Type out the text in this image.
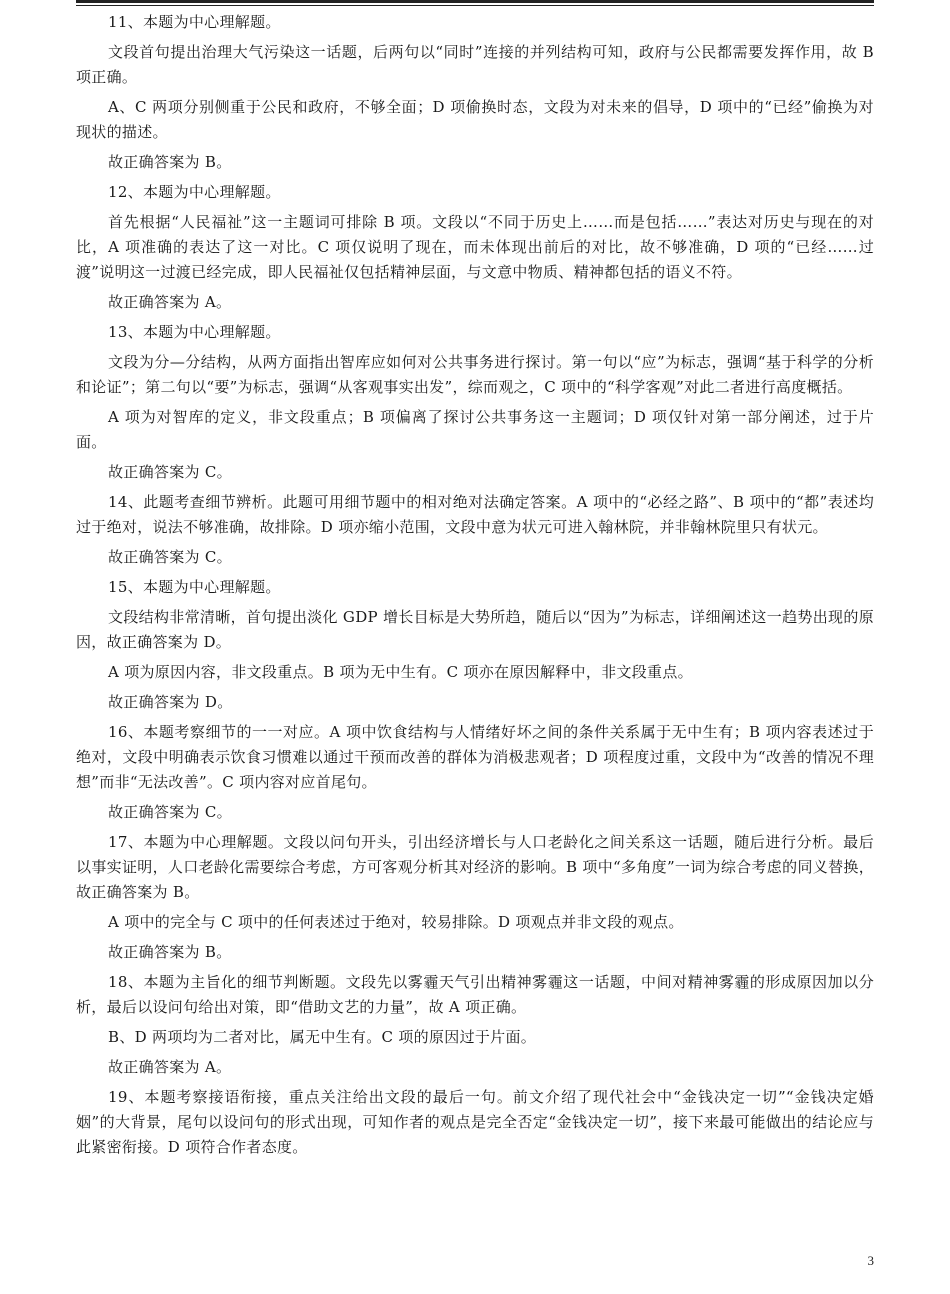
11、本题为中心理解题。

文段首句提出治理大气污染这一话题，后两句以“同时”连接的并列结构可知，政府与公民都需要发挥作用，故 B 项正确。

A、C 两项分别侧重于公民和政府，不够全面；D 项偷换时态，文段为对未来的倡导，D 项中的“已经”偷换为对现状的描述。

故正确答案为 B。

12、本题为中心理解题。

首先根据“人民福祉”这一主题词可排除 B 项。文段以“不同于历史上……而是包括……”表达对历史与现在的对比，A 项准确的表达了这一对比。C 项仅说明了现在，而未体现出前后的对比，故不够准确，D 项的“已经……过渡”说明这一过渡已经完成，即人民福祉仅包括精神层面，与文意中物质、精神都包括的语义不符。

故正确答案为 A。

13、本题为中心理解题。

文段为分—分结构，从两方面指出智库应如何对公共事务进行探讨。第一句以“应”为标志，强调“基于科学的分析和论证”；第二句以“要”为标志，强调“从客观事实出发”，综而观之，C 项中的“科学客观”对此二者进行高度概括。

A 项为对智库的定义，非文段重点；B 项偏离了探讨公共事务这一主题词；D 项仅针对第一部分阐述，过于片面。

故正确答案为 C。

14、此题考查细节辨析。此题可用细节题中的相对绝对法确定答案。A 项中的“必经之路”、B 项中的“都”表述均过于绝对，说法不够准确，故排除。D 项亦缩小范围，文段中意为状元可进入翰林院，并非翰林院里只有状元。

故正确答案为 C。

15、本题为中心理解题。

文段结构非常清晰，首句提出淡化 GDP 增长目标是大势所趋，随后以“因为”为标志，详细阐述这一趋势出现的原因，故正确答案为 D。

A 项为原因内容，非文段重点。B 项为无中生有。C 项亦在原因解释中，非文段重点。

故正确答案为 D。

16、本题考察细节的一一对应。A 项中饮食结构与人情绪好坏之间的条件关系属于无中生有；B 项内容表述过于绝对，文段中明确表示饮食习惯难以通过干预而改善的群体为消极悲观者；D 项程度过重，文段中为“改善的情况不理想”而非“无法改善”。C 项内容对应首尾句。

故正确答案为 C。

17、本题为中心理解题。文段以问句开头，引出经济增长与人口老龄化之间关系这一话题，随后进行分析。最后以事实证明，人口老龄化需要综合考虑，方可客观分析其对经济的影响。B 项中“多角度”一词为综合考虑的同义替换，故正确答案为 B。

A 项中的完全与 C 项中的任何表述过于绝对，较易排除。D 项观点并非文段的观点。

故正确答案为 B。

18、本题为主旨化的细节判断题。文段先以雾霾天气引出精神雾霾这一话题，中间对精神雾霾的形成原因加以分析，最后以设问句给出对策，即“借助文艺的力量”，故 A 项正确。

B、D 两项均为二者对比，属无中生有。C 项的原因过于片面。

故正确答案为 A。

19、本题考察接语衔接，重点关注给出文段的最后一句。前文介绍了现代社会中“金钱决定一切”“金钱决定婚姻”的大背景，尾句以设问句的形式出现，可知作者的观点是完全否定“金钱决定一切”，接下来最可能做出的结论应与此紧密衔接。D 项符合作者态度。

3
